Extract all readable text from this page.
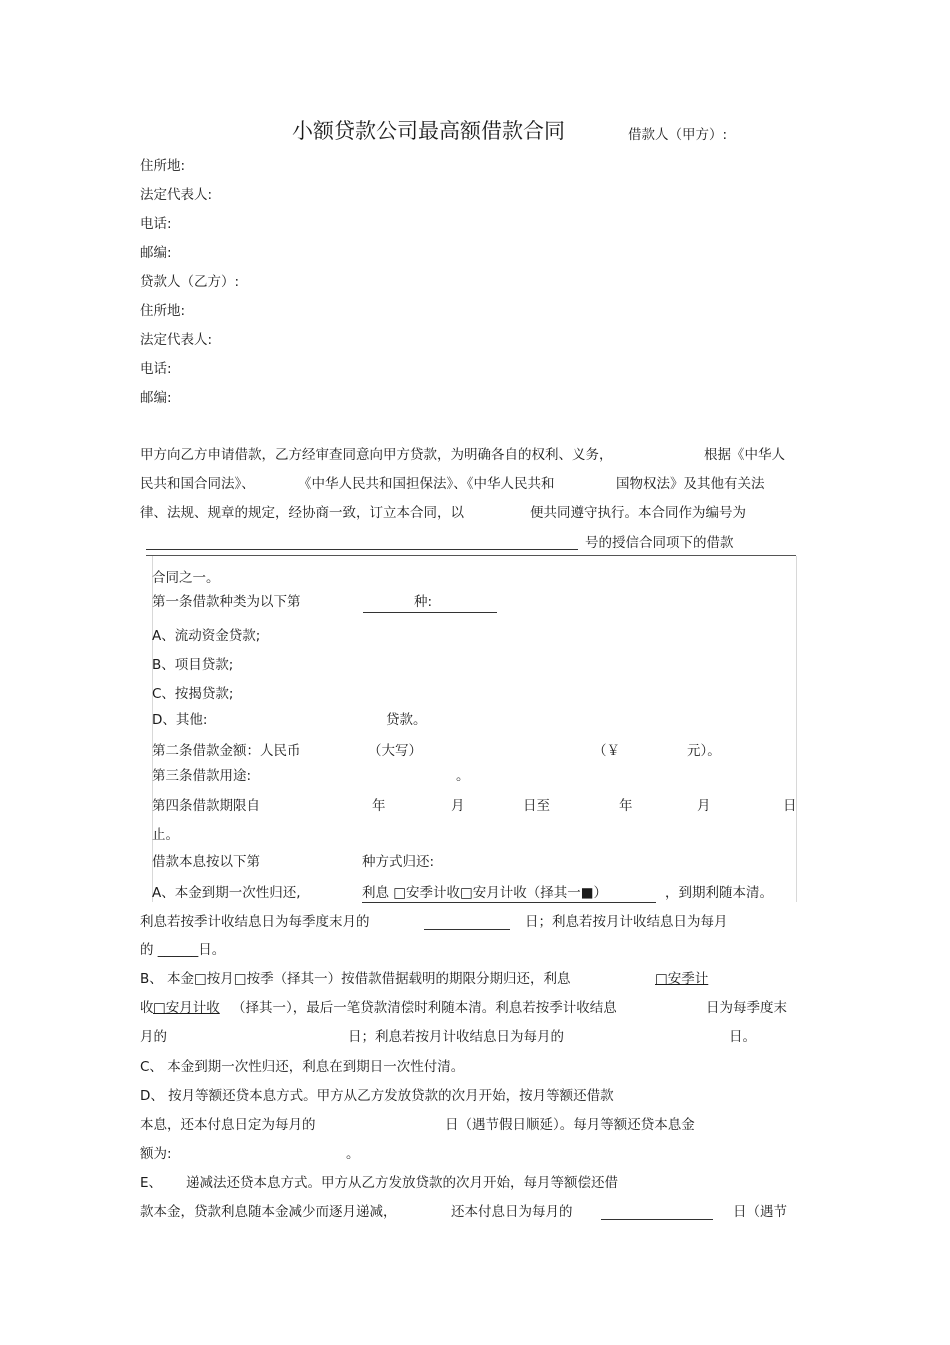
小额贷款公司最高额借款合同	借款人（甲方）:
住所地:
法定代表人:
电话:
邮编:
贷款人（乙方）:
住所地:
法定代表人:
电话:
邮编:
甲方向乙方申请借款，乙方经审查同意向甲方贷款，为明确各自的权利、义务，	根据《中华人
民共和国合同法》、	《中华人民共和国担保法》、《中华人民共和	国物权法》及其他有关法
律、法规、规章的规定，经协商一致，订立本合同，以	便共同遵守执行。本合同作为编号为
号的授信合同项下的借款
合同之一。
第一条借款种类为以下第	种:
A、流动资金贷款;
B、项目贷款;
C、按揭贷款;
D、其他:	贷款。
第二条借款金额：人民币	（大写）	（￥	元）。
第三条借款用途:	。
第四条借款期限自	年	月	日至	年	月	日
止。
借款本息按以下第	种方式归还:
A、本金到期一次性归还,	利息 □安季计收□安月计收（择其一■）	，到期利随本清。
利息若按季计收结息日为每季度末月的	日；利息若按月计收结息日为每月
的 ______日。
B、 本金□按月□按季（择其一）按借款借据载明的期限分期归还，利息	□安季计
收 □安月计收 （择其一），最后一笔贷款清偿时利随本清。利息若按季计收结息	日为每季度末
月的	日；利息若按月计收结息日为每月的	日。
C、 本金到期一次性归还，利息在到期日一次性付清。
D、 按月等额还贷本息方式。甲方从乙方发放贷款的次月开始，按月等额还借款
本息，还本付息日定为每月的	日（遇节假日顺延）。每月等额还贷本息金
额为:	。
E、 递减法还贷本息方式。甲方从乙方发放贷款的次月开始，每月等额偿还借
款本金，贷款利息随本金减少而逐月递减，	还本付息日为每月的	日（遇节
